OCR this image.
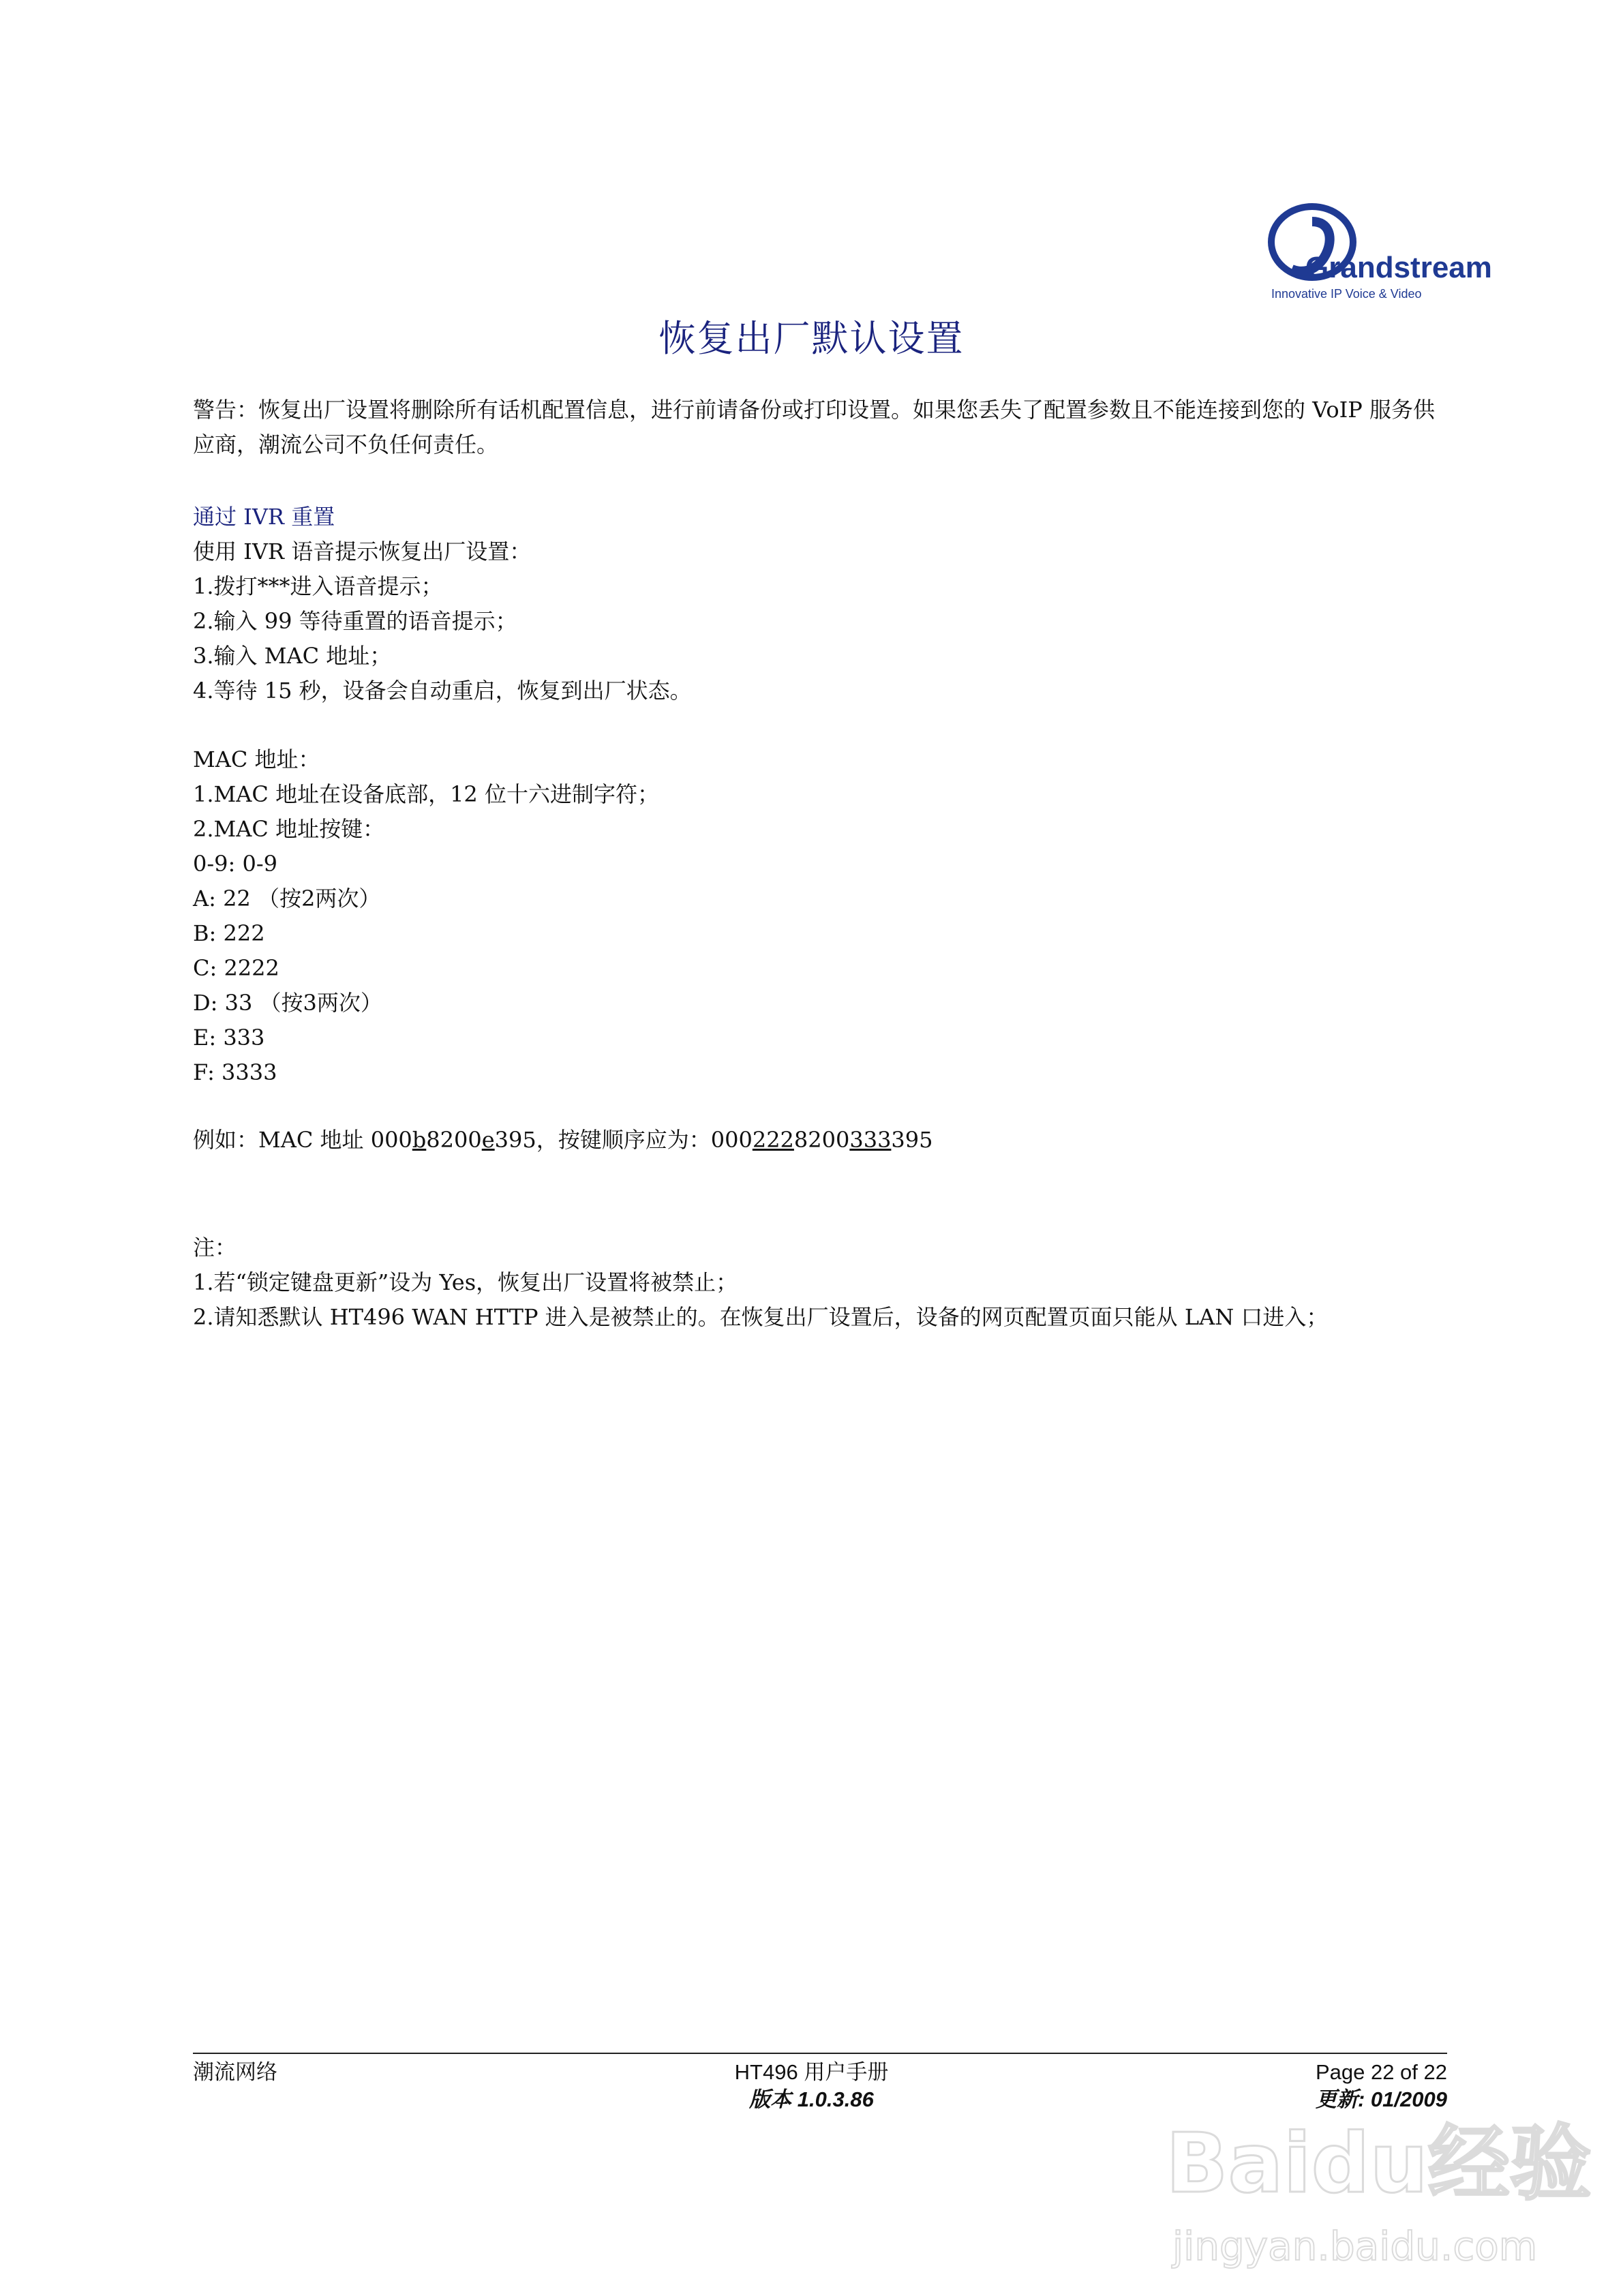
Grandstream
Innovative IP Voice & Video
恢复出厂默认设置
警告：恢复出厂设置将删除所有话机配置信息，进行前请备份或打印设置。如果您丢失了配置参数且不能连接到您的 VoIP 服务供应商，潮流公司不负任何责任。
通过 IVR 重置

使用 IVR 语音提示恢复出厂设置：

1.拨打***进入语音提示；

2.输入 99 等待重置的语音提示；

3.输入 MAC 地址；

4.等待 15 秒，设备会自动重启，恢复到出厂状态。

MAC 地址：

1.MAC 地址在设备底部，12 位十六进制字符；

2.MAC 地址按键：

0-9: 0-9

A: 22 （按2两次）

B: 222

C: 2222

D: 33 （按3两次）

E: 333

F: 3333

例如：MAC 地址 000b8200e395，按键顺序应为：0002228200333395

注：

1.若“锁定键盘更新”设为 Yes，恢复出厂设置将被禁止；

2.请知悉默认 HT496 WAN HTTP 进入是被禁止的。在恢复出厂设置后，设备的网页配置页面只能从 LAN 口进入；

潮流网络	HT496 用户手册
版本 1.0.3.86
Page 22 of 22
更新: 01/2009
Baidu经验
jingyan.baidu.com
